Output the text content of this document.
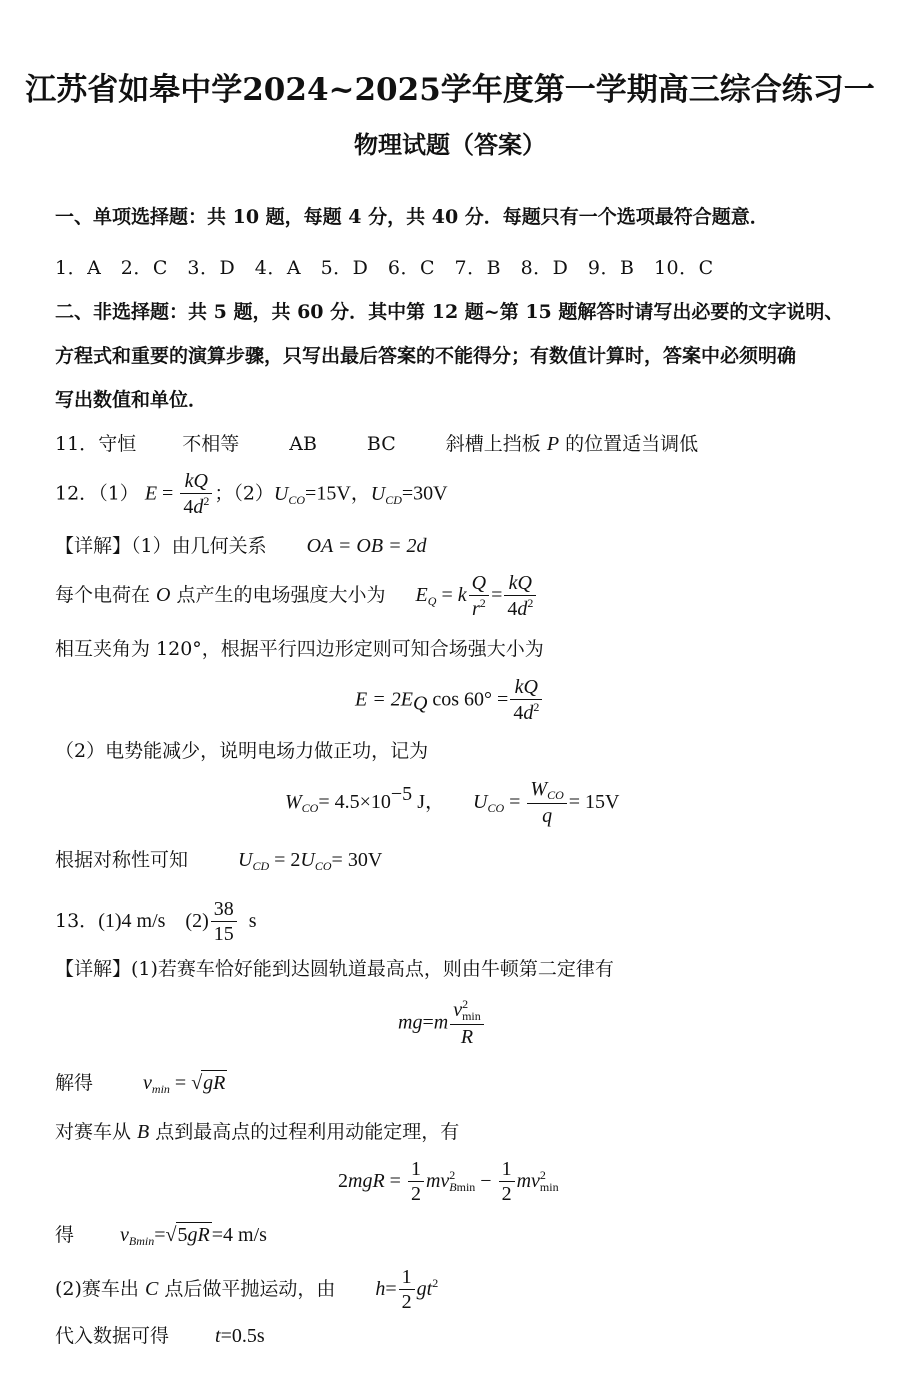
江苏省如皋中学2024~2025学年度第一学期高三综合练习一
物理试题（答案）
一、单项选择题：共 10 题，每题 4 分，共 40 分．每题只有一个选项最符合题意．
1．A　2．C　3．D　4．A　5．D　6．C　7．B　8．D　9．B　10．C
二、非选择题：共 5 题，共 60 分．其中第 12 题~第 15 题解答时请写出必要的文字说明、
方程式和重要的演算步骤，只写出最后答案的不能得分；有数值计算时，答案中必须明确
写出数值和单位．
11．守恒 不相等	AB	BC	斜槽上挡板 P 的位置适当调低
12．（1） $E = \frac{kQ}{4d^2}$ ；$(2)U_{CO}=15V$，$U_{CD}=30V$
【详解】（1）由几何关系 OA = OB = 2d
每个电荷在 O 点产生的电场强度大小为 $E_Q = k \frac{Q}{r^2} = \frac{kQ}{4d^2}$
相互夹角为 120°，根据平行四边形定则可知合场强大小为
$E = 2E_Q$ $\cos 60^\circ = \frac{kQ}{4d^2}$
（2）电势能减少，说明电场力做正功，记为
$W_{CO}= 4.5\times 10^{-5}$ J， $U_{CO} = \frac{W_{CO}}{q} = 15V$
根据对称性可知	$U_{CD} = 2U_{CO}= 30V$
13．(1)4 m/s $(2) \frac{38}{15}$ s
【详解】(1)若赛车恰好能到达圆轨道最高点，则由牛顿第二定律有
$mg=m \frac{v^2_{min}}{R}$
解得	$v_{min} = √gR$
对赛车从 B 点到最高点的过程利用动能定理，有
$2mgR = \frac{1}{2} mv^2_{Bmin} - \frac{1}{2} mv^2_{min}$
得 $v_{Bmin}=√5gR =4$ m/s
(2)赛车出 C 点后做平抛运动，由 $h= \frac{1}{2} gt^2$
代入数据可得 t=0.5s
